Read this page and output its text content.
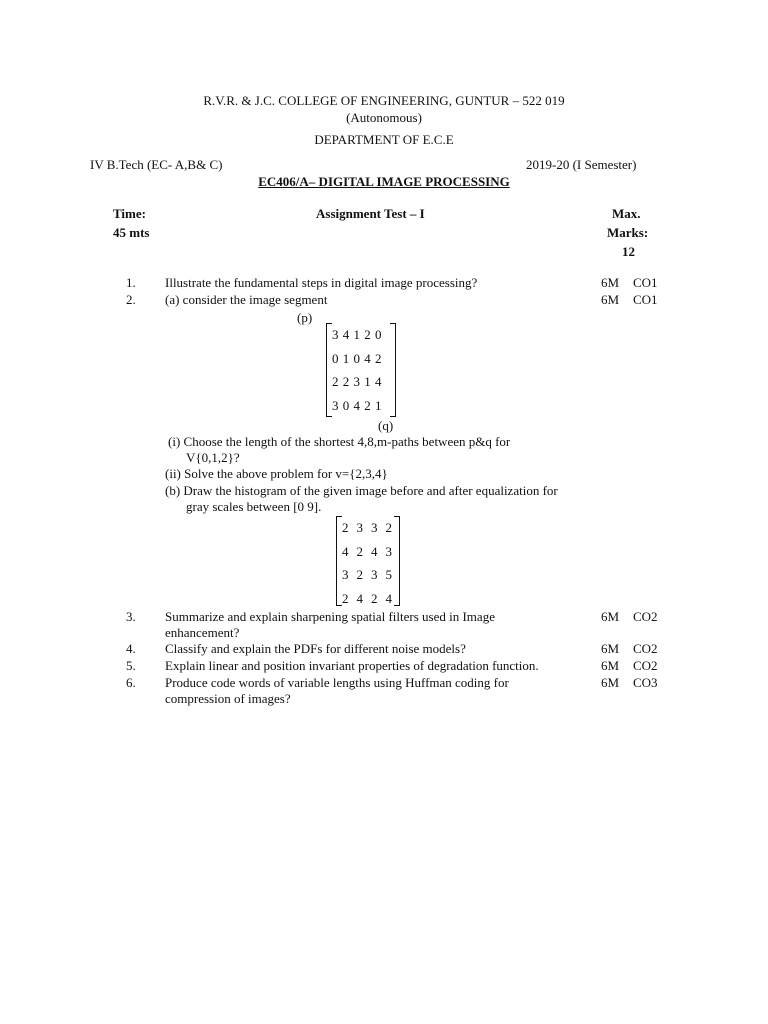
R.V.R. & J.C. COLLEGE OF ENGINEERING, GUNTUR – 522 019
(Autonomous)
DEPARTMENT OF E.C.E
IV B.Tech (EC- A,B& C)	2019-20 (I Semester)
EC406/A– DIGITAL IMAGE PROCESSING
Time:
45 mts
Assignment Test – I	Max.
Marks:
12
1. Illustrate the fundamental steps in digital image processing?	6M CO1
2. (a) consider the image segment	6M CO1
(p)
3 4 1 2 0
0 1 0 4 2
2 2 3 1 4
3 0 4 2 1
(q)
(i) Choose the length of the shortest 4,8,m-paths between p&q for
V{0,1,2}?
(ii) Solve the above problem for v={2,3,4}
(b) Draw the histogram of the given image before and after equalization for
gray scales between [0 9].
2  3  3  2
4  2  4  3
3  2  3  5
2  4  2  4
3. Summarize and explain sharpening spatial filters used in Image
enhancement?
6M CO2
4. Classify and explain the PDFs for different noise models?	6M CO2
5. Explain linear and position invariant properties of degradation function.	6M CO2
6. Produce code words of variable lengths using Huffman coding for
compression of images?
6M CO3
